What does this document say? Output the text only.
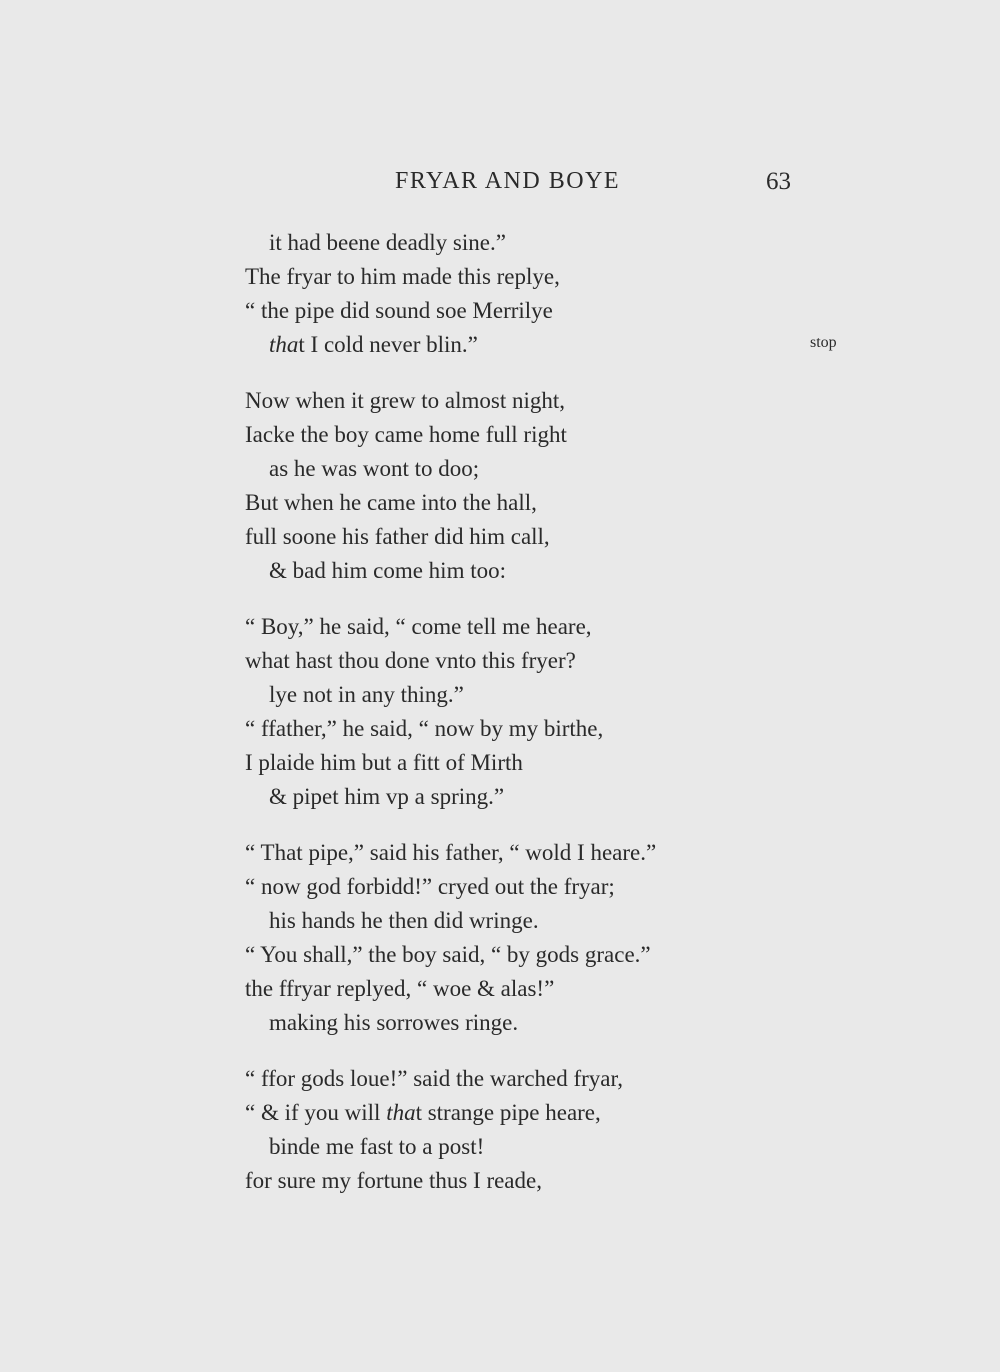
FRYAR AND BOYE	63
stop
it had beene deadly sine.”
The fryar to him made this replye,
“ the pipe did sound soe Merrilye
that I cold never blin.”
Now when it grew to almost night,
Iacke the boy came home full right
as he was wont to doo;
But when he came into the hall,
full soone his father did him call,
& bad him come him too:
“ Boy,” he said, “ come tell me heare,
what hast thou done vnto this fryer?
lye not in any thing.”
“ ffather,” he said, “ now by my birthe,
I plaide him but a fitt of Mirth
& pipet him vp a spring.”
“ That pipe,” said his father, “ wold I heare.”
“ now god forbidd!” cryed out the fryar;
his hands he then did wringe.
“ You shall,” the boy said, “ by gods grace.”
the ffryar replyed, “ woe & alas!”
making his sorrowes ringe.
“ ffor gods loue!” said the warched fryar,
“ & if you will that strange pipe heare,
binde me fast to a post!
for sure my fortune thus I reade,
